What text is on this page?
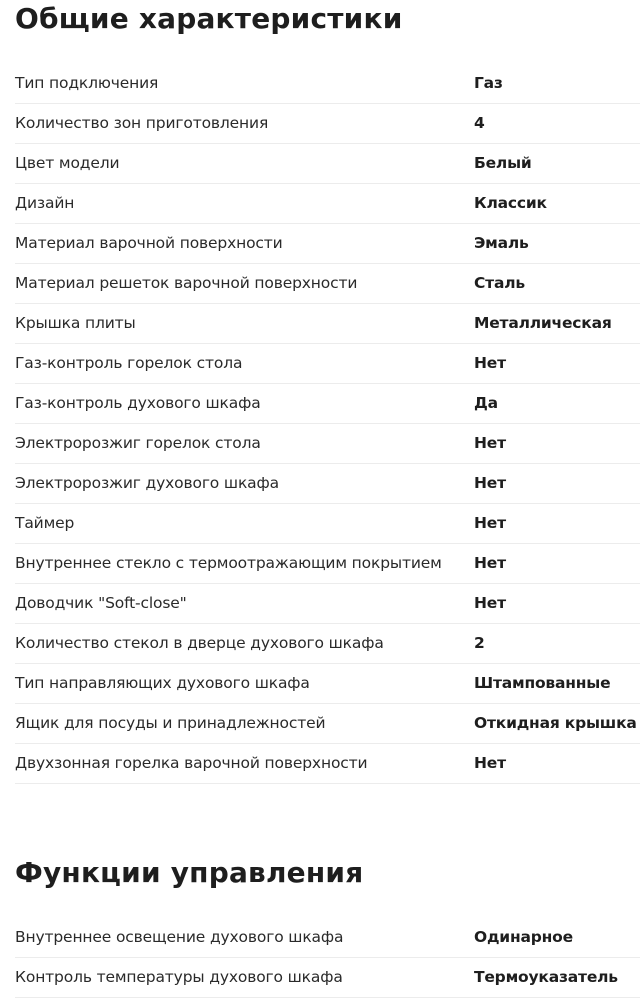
Общие характеристики
Тип подключения	Газ
Количество зон приготовления	4
Цвет модели	Белый
Дизайн	Классик
Материал варочной поверхности	Эмаль
Материал решеток варочной поверхности	Сталь
Крышка плиты	Металлическая
Газ-контроль горелок стола	Нет
Газ-контроль духового шкафа	Да
Электророзжиг горелок стола	Нет
Электророзжиг духового шкафа	Нет
Таймер	Нет
Внутреннее стекло с термоотражающим покрытием Нет
Доводчик "Soft-close"	Нет
Количество стекол в дверце духового шкафа	2
Тип направляющих духового шкафа	Штампованные
Ящик для посуды и принадлежностей	Откидная крышка
Двухзонная горелка варочной поверхности	Нет
Функции управления
Внутреннее освещение духового шкафа	Одинарное
Контроль температуры духового шкафа	Термоуказатель
